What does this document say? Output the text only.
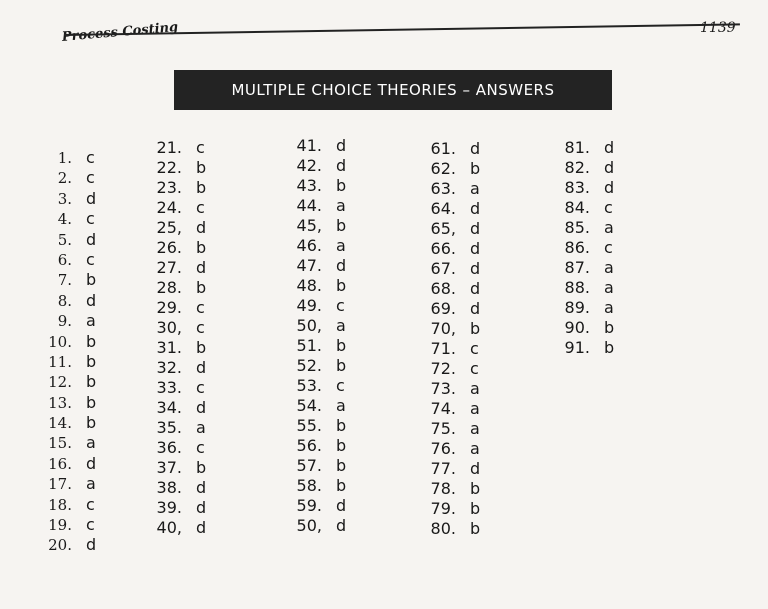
Process Costing	1139
MULTIPLE CHOICE THEORIES – ANSWERS
1. c
2. c
3. d
4. c
5. d
6. c
7. b
8. d
9. a
10. b
11. b
12. b
13. b
14. b
15. a
16. d
17. a
18. c
19. c
20. d
21. c
22. b
23. b
24. c
25, d
26. b
27. d
28. b
29. c
30, c
31. b
32. d
33. c
34. d
35. a
36. c
37. b
38. d
39. d
40, d
41. d
42. d
43. b
44. a
45, b
46. a
47. d
48. b
49. c
50, a
51. b
52. b
53. c
54. a
55. b
56. b
57. b
58. b
59. d
50, d
61. d
62. b
63. a
64. d
65, d
66. d
67. d
68. d
69. d
70, b
71. c
72. c
73. a
74. a
75. a
76. a
77. d
78. b
79. b
80. b
81. d
82. d
83. d
84. c
85. a
86. c
87. a
88. a
89. a
90. b
91. b
